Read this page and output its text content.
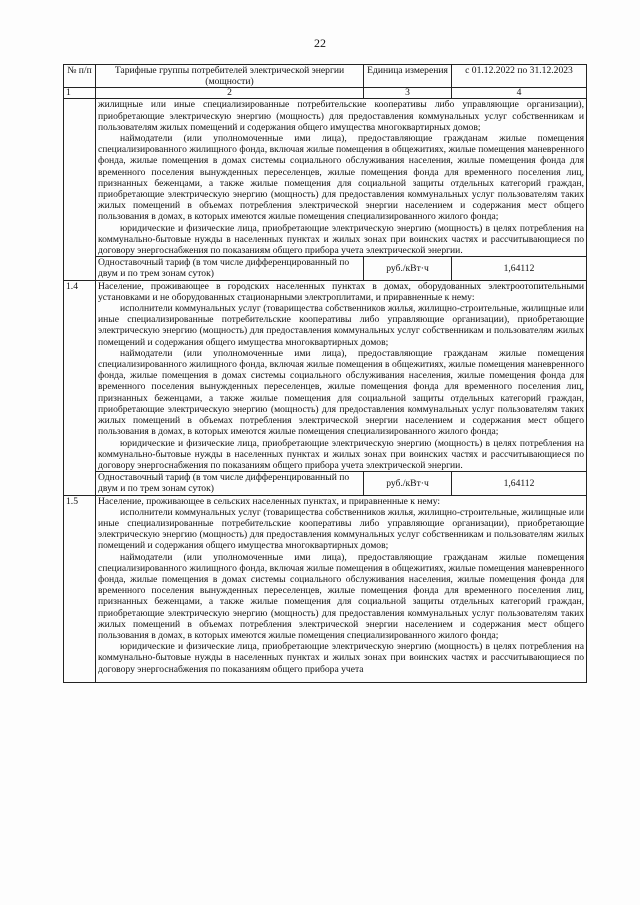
22
№ п/п	Тарифные группы потребителей электрической энергии (мощности)	Единица измерения	с 01.12.2022 по 31.12.2023
1	2	3	4

	жилищные или иные специализированные потребительские кооперативы либо управляющие организации), приобретающие электрическую энергию (мощность) для предоставления коммунальных услуг собственникам и пользователям жилых помещений и содержания общего имущества многоквартирных домов;

наймодатели (или уполномоченные ими лица), предоставляющие гражданам жилые помещения специализированного жилищного фонда, включая жилые помещения в общежитиях, жилые помещения маневренного фонда, жилые помещения в домах системы социального обслуживания населения, жилые помещения фонда для временного поселения вынужденных переселенцев, жилые помещения фонда для временного поселения лиц, признанных беженцами, а также жилые помещения для социальной защиты отдельных категорий граждан, приобретающие электрическую энергию (мощность) для предоставления коммунальных услуг пользователям таких жилых помещений в объемах потребления электрической энергии населением и содержания мест общего пользования в домах, в которых имеются жилые помещения специализированного жилого фонда;

юридические и физические лица, приобретающие электрическую энергию (мощность) в целях потребления на коммунально-бытовые нужды в населенных пунктах и жилых зонах при воинских частях и рассчитывающиеся по договору энергоснабжения по показаниям общего прибора учета электрической энергии.		

	Одноставочный тариф (в том числе дифференцированный по двум и по трем зонам суток)	руб./кВт·ч	1,64112
1.4	Население, проживающее в городских населенных пунктах в домах, оборудованных электроотопительными установками и не оборудованных стационарными электроплитами, и приравненные к нему:

исполнители коммунальных услуг (товарищества собственников жилья, жилищно-строительные, жилищные или иные специализированные потребительские кооперативы либо управляющие организации), приобретающие электрическую энергию (мощность) для предоставления коммунальных услуг собственникам и пользователям жилых помещений и содержания общего имущества многоквартирных домов;

наймодатели (или уполномоченные ими лица), предоставляющие гражданам жилые помещения специализированного жилищного фонда, включая жилые помещения в общежитиях, жилые помещения маневренного фонда, жилые помещения в домах системы социального обслуживания населения, жилые помещения фонда для временного поселения вынужденных переселенцев, жилые помещения фонда для временного поселения лиц, признанных беженцами, а также жилые помещения для социальной защиты отдельных категорий граждан, приобретающие электрическую энергию (мощность) для предоставления коммунальных услуг пользователям таких жилых помещений в объемах потребления электрической энергии населением и содержания мест общего пользования в домах, в которых имеются жилые помещения специализированного жилого фонда;

юридические и физические лица, приобретающие электрическую энергию (мощность) в целях потребления на коммунально-бытовые нужды в населенных пунктах и жилых зонах при воинских частях и рассчитывающиеся по договору энергоснабжения по показаниям общего прибора учета электрической энергии.		

	Одноставочный тариф (в том числе дифференцированный по двум и по трем зонам суток)	руб./кВт·ч	1,64112
1.5	Население, проживающее в сельских населенных пунктах, и приравненные к нему:

исполнители коммунальных услуг (товарищества собственников жилья, жилищно-строительные, жилищные или иные специализированные потребительские кооперативы либо управляющие организации), приобретающие электрическую энергию (мощность) для предоставления коммунальных услуг собственникам и пользователям жилых помещений и содержания общего имущества многоквартирных домов;

наймодатели (или уполномоченные ими лица), предоставляющие гражданам жилые помещения специализированного жилищного фонда, включая жилые помещения в общежитиях, жилые помещения маневренного фонда, жилые помещения в домах системы социального обслуживания населения, жилые помещения фонда для временного поселения вынужденных переселенцев, жилые помещения фонда для временного поселения лиц, признанных беженцами, а также жилые помещения для социальной защиты отдельных категорий граждан, приобретающие электрическую энергию (мощность) для предоставления коммунальных услуг пользователям таких жилых помещений в объемах потребления электрической энергии населением и содержания мест общего пользования в домах, в которых имеются жилые помещения специализированного жилого фонда;

юридические и физические лица, приобретающие электрическую энергию (мощность) в целях потребления на коммунально-бытовые нужды в населенных пунктах и жилых зонах при воинских частях и рассчитывающиеся по договору энергоснабжения по показаниям общего прибора учета		
